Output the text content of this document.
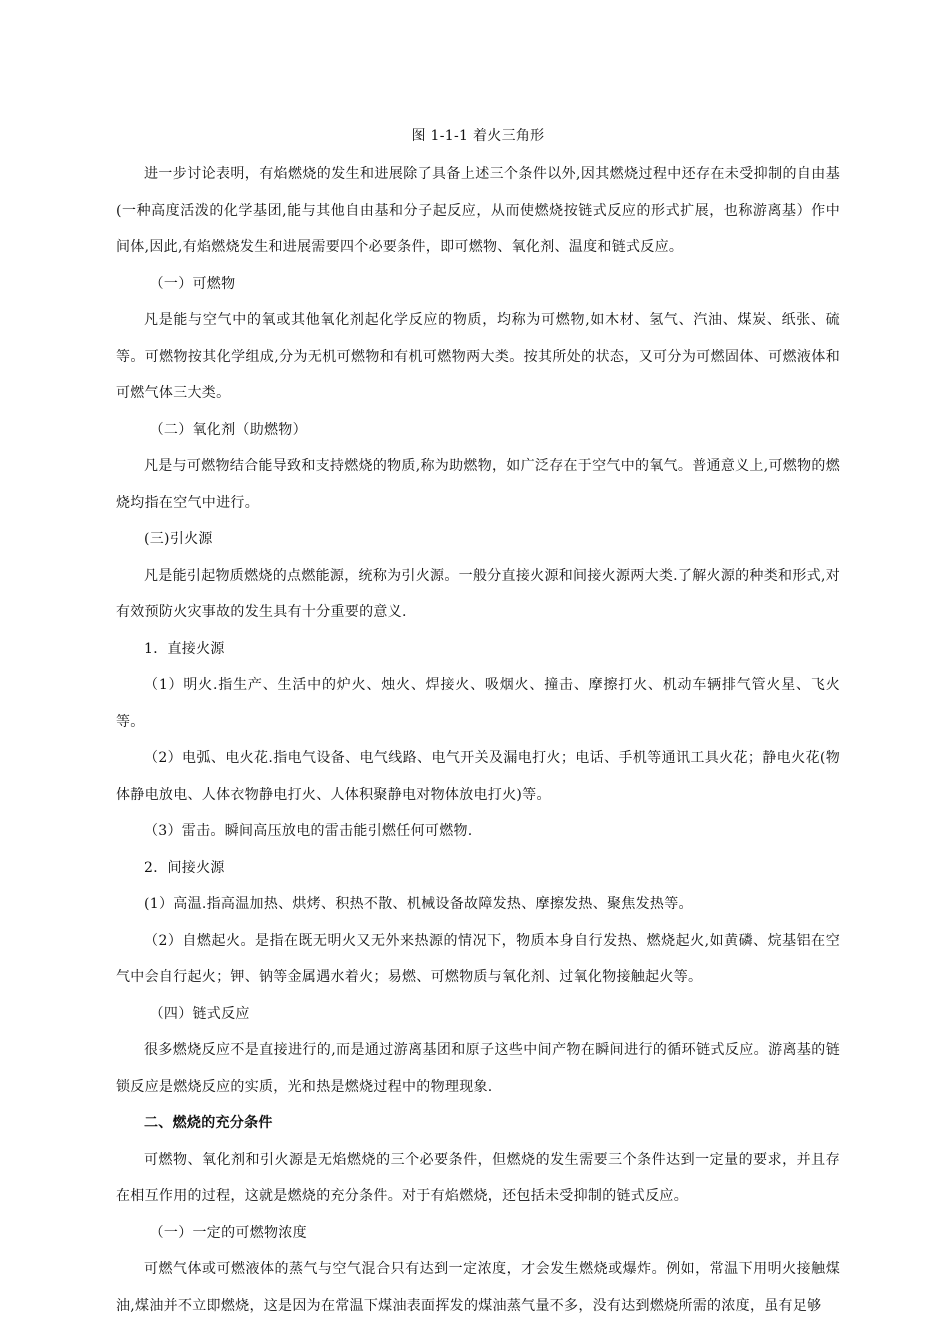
图 1-1-1 着火三角形

进一步讨论表明，有焰燃烧的发生和进展除了具备上述三个条件以外,因其燃烧过程中还存在未受抑制的自由基(一种高度活泼的化学基团,能与其他自由基和分子起反应，从而使燃烧按链式反应的形式扩展，也称游离基）作中间体,因此,有焰燃烧发生和进展需要四个必要条件，即可燃物、氧化剂、温度和链式反应。

（一）可燃物

凡是能与空气中的氧或其他氧化剂起化学反应的物质，均称为可燃物,如木材、氢气、汽油、煤炭、纸张、硫等。可燃物按其化学组成,分为无机可燃物和有机可燃物两大类。按其所处的状态，又可分为可燃固体、可燃液体和可燃气体三大类。

（二）氧化剂（助燃物）

凡是与可燃物结合能导致和支持燃烧的物质,称为助燃物，如广泛存在于空气中的氧气。普通意义上,可燃物的燃烧均指在空气中进行。

(三)引火源

凡是能引起物质燃烧的点燃能源，统称为引火源。一般分直接火源和间接火源两大类.了解火源的种类和形式,对有效预防火灾事故的发生具有十分重要的意义.

1．直接火源

（1）明火.指生产、生活中的炉火、烛火、焊接火、吸烟火、撞击、摩擦打火、机动车辆排气管火星、飞火等。

（2）电弧、电火花.指电气设备、电气线路、电气开关及漏电打火；电话、手机等通讯工具火花；静电火花(物体静电放电、人体衣物静电打火、人体积聚静电对物体放电打火)等。

（3）雷击。瞬间高压放电的雷击能引燃任何可燃物.

2．间接火源

(1）高温.指高温加热、烘烤、积热不散、机械设备故障发热、摩擦发热、聚焦发热等。

（2）自燃起火。是指在既无明火又无外来热源的情况下，物质本身自行发热、燃烧起火,如黄磷、烷基铝在空气中会自行起火；钾、钠等金属遇水着火；易燃、可燃物质与氧化剂、过氧化物接触起火等。

（四）链式反应

很多燃烧反应不是直接进行的,而是通过游离基团和原子这些中间产物在瞬间进行的循环链式反应。游离基的链锁反应是燃烧反应的实质，光和热是燃烧过程中的物理现象.

二、燃烧的充分条件

可燃物、氧化剂和引火源是无焰燃烧的三个必要条件，但燃烧的发生需要三个条件达到一定量的要求，并且存在相互作用的过程，这就是燃烧的充分条件。对于有焰燃烧，还包括未受抑制的链式反应。

（一）一定的可燃物浓度

可燃气体或可燃液体的蒸气与空气混合只有达到一定浓度，才会发生燃烧或爆炸。例如，常温下用明火接触煤油,煤油并不立即燃烧，这是因为在常温下煤油表面挥发的煤油蒸气量不多，没有达到燃烧所需的浓度，虽有足够
